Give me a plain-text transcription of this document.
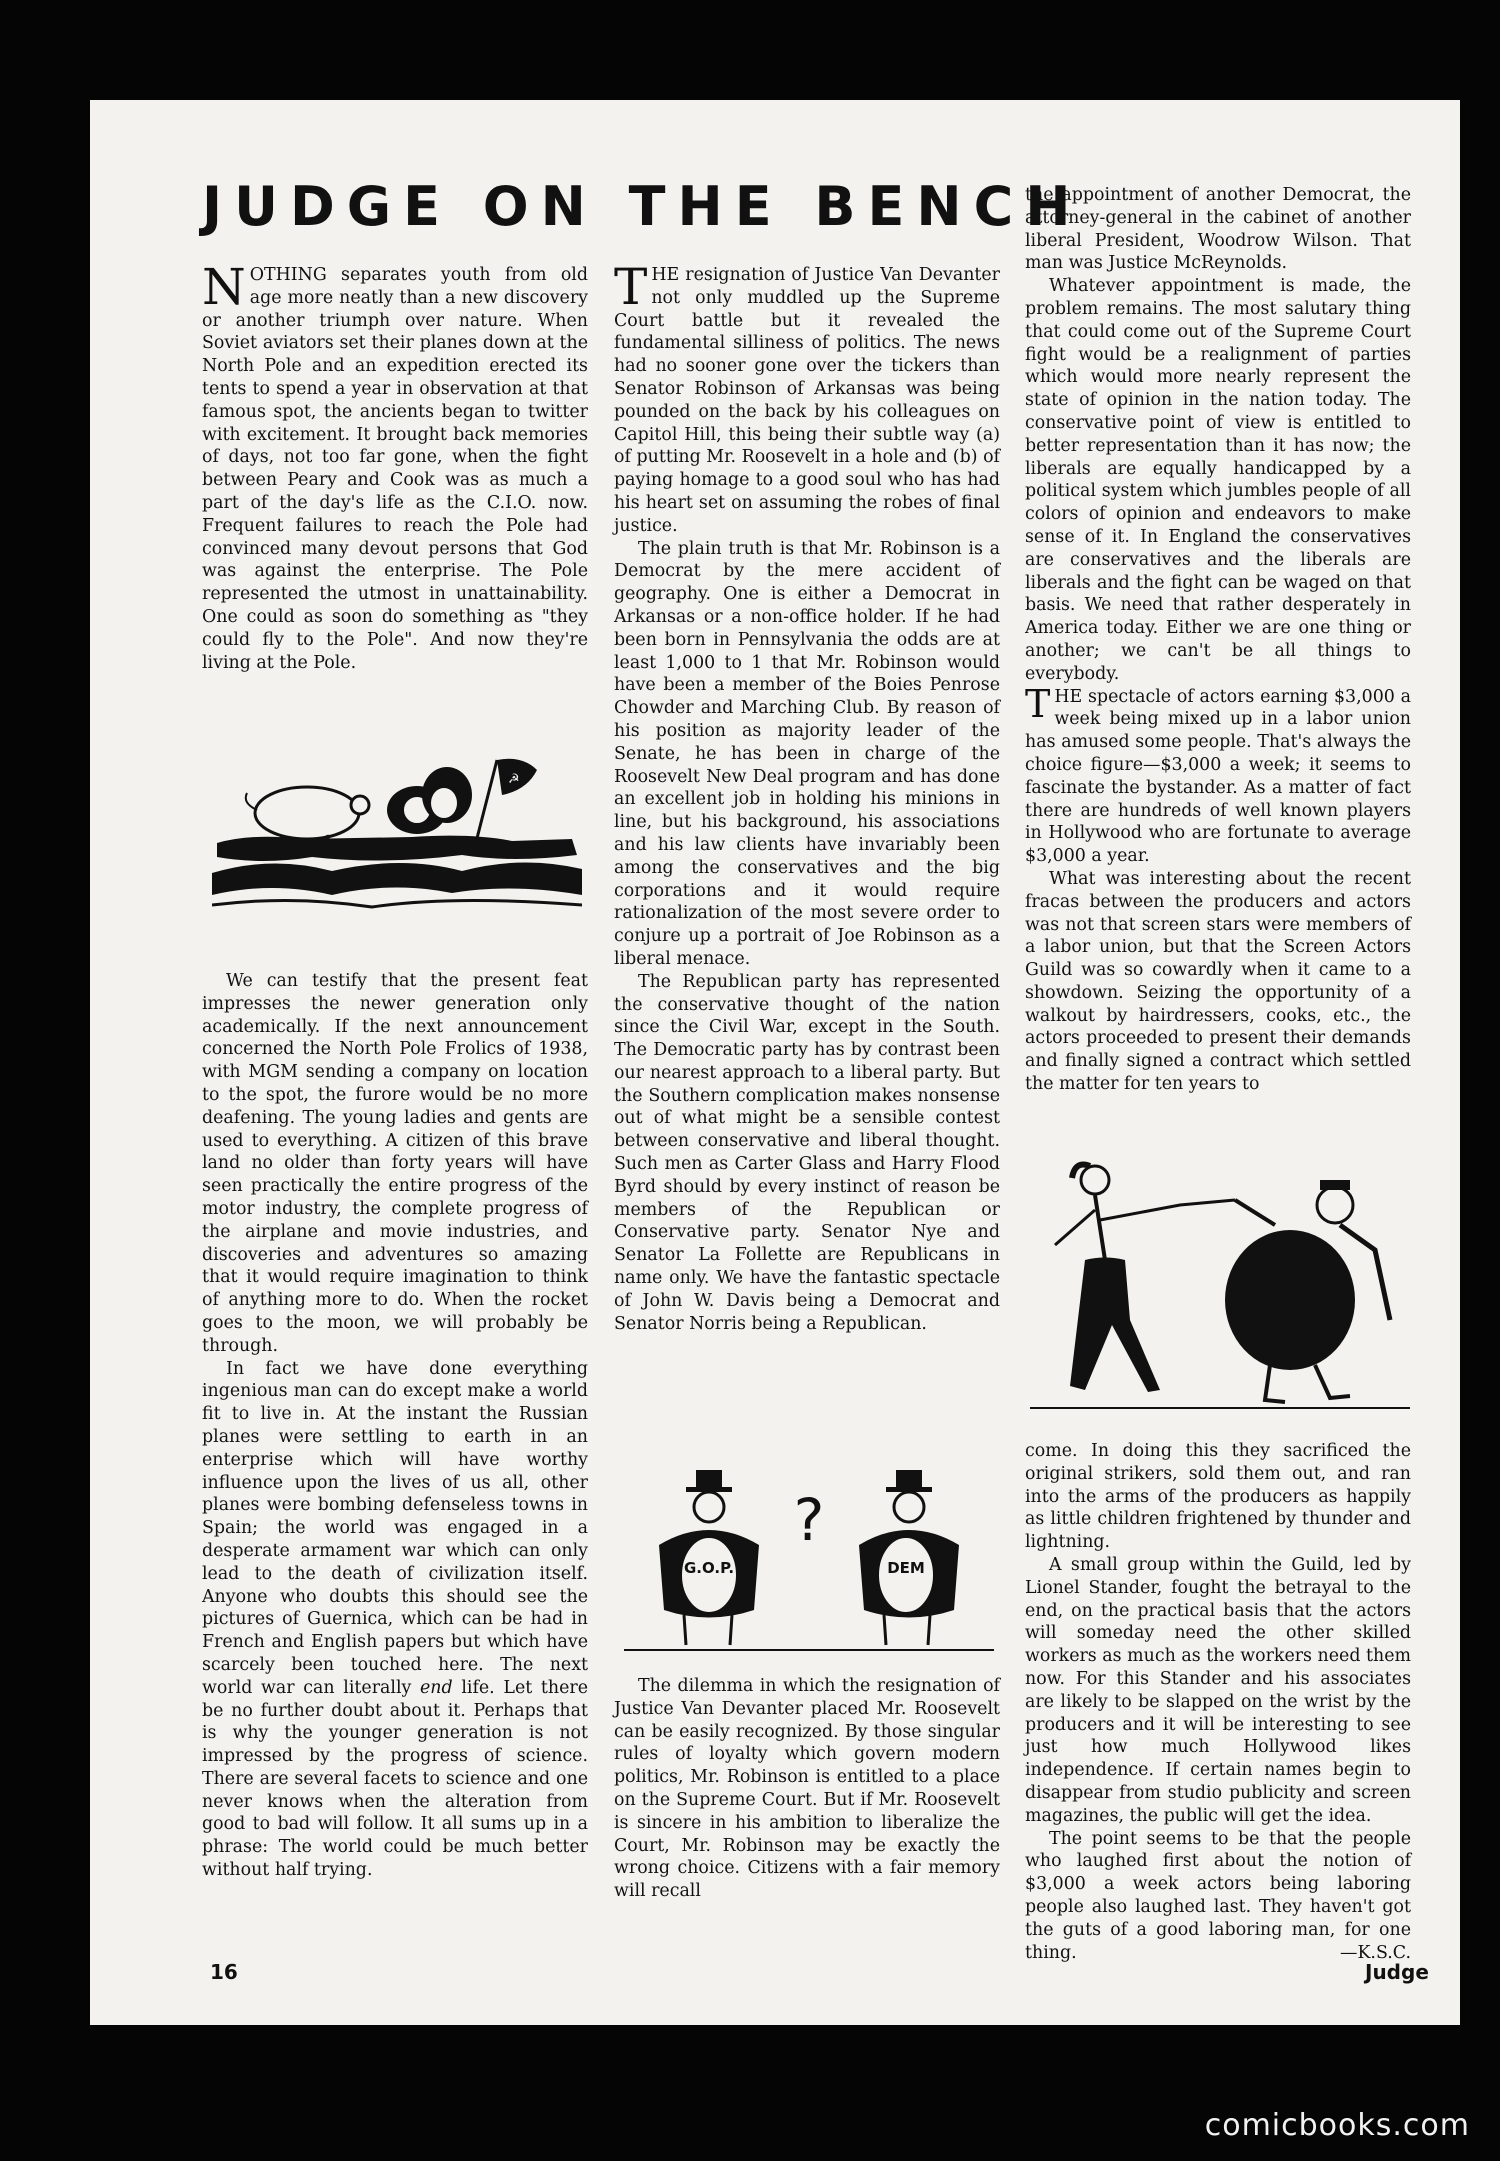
JUDGE ON THE BENCH

NOTHING separates youth from old age more neatly than a new discovery or another triumph over nature. When Soviet aviators set their planes down at the North Pole and an expedition erected its tents to spend a year in observation at that famous spot, the ancients began to twitter with excitement. It brought back memories of days, not too far gone, when the fight between Peary and Cook was as much a part of the day's life as the C.I.O. now. Frequent failures to reach the Pole had convinced many devout persons that God was against the enterprise. The Pole represented the utmost in unattainability. One could as soon do something as "they could fly to the Pole". And now they're living at the Pole.

☭

We can testify that the present feat impresses the newer generation only academically. If the next announcement concerned the North Pole Frolics of 1938, with MGM sending a company on location to the spot, the furore would be no more deafening. The young ladies and gents are used to everything. A citizen of this brave land no older than forty years will have seen practically the entire progress of the motor industry, the complete progress of the airplane and movie industries, and discoveries and adventures so amazing that it would require imagination to think of anything more to do. When the rocket goes to the moon, we will probably be through.

In fact we have done everything ingenious man can do except make a world fit to live in. At the instant the Russian planes were settling to earth in an enterprise which will have worthy influence upon the lives of us all, other planes were bombing defenseless towns in Spain; the world was engaged in a desperate armament war which can only lead to the death of civilization itself. Anyone who doubts this should see the pictures of Guernica, which can be had in French and English papers but which have scarcely been touched here. The next world war can literally end life. Let there be no further doubt about it. Perhaps that is why the younger generation is not impressed by the progress of science. There are several facets to science and one never knows when the alteration from good to bad will follow. It all sums up in a phrase: The world could be much better without half trying.

THE resignation of Justice Van Devanter not only muddled up the Supreme Court battle but it revealed the fundamental silliness of politics. The news had no sooner gone over the tickers than Senator Robinson of Arkansas was being pounded on the back by his colleagues on Capitol Hill, this being their subtle way (a) of putting Mr. Roosevelt in a hole and (b) of paying homage to a good soul who has had his heart set on assuming the robes of final justice.

The plain truth is that Mr. Robinson is a Democrat by the mere accident of geography. One is either a Democrat in Arkansas or a non-office holder. If he had been born in Pennsylvania the odds are at least 1,000 to 1 that Mr. Robinson would have been a member of the Boies Penrose Chowder and Marching Club. By reason of his position as majority leader of the Senate, he has been in charge of the Roosevelt New Deal program and has done an excellent job in holding his minions in line, but his background, his associations and his law clients have invariably been among the conservatives and the big corporations and it would require rationalization of the most severe order to conjure up a portrait of Joe Robinson as a liberal menace.

The Republican party has represented the conservative thought of the nation since the Civil War, except in the South. The Democratic party has by contrast been our nearest approach to a liberal party. But the Southern complication makes nonsense out of what might be a sensible contest between conservative and liberal thought. Such men as Carter Glass and Harry Flood Byrd should by every instinct of reason be members of the Republican or Conservative party. Senator Nye and Senator La Follette are Republicans in name only. We have the fantastic spectacle of John W. Davis being a Democrat and Senator Norris being a Republican.

G.O.P.
?
DEM

The dilemma in which the resignation of Justice Van Devanter placed Mr. Roosevelt can be easily recognized. By those singular rules of loyalty which govern modern politics, Mr. Robinson is entitled to a place on the Supreme Court. But if Mr. Roosevelt is sincere in his ambition to liberalize the Court, Mr. Robinson may be exactly the wrong choice. Citizens with a fair memory will recall

the appointment of another Democrat, the attorney-general in the cabinet of another liberal President, Woodrow Wilson. That man was Justice McReynolds.

Whatever appointment is made, the problem remains. The most salutary thing that could come out of the Supreme Court fight would be a realignment of parties which would more nearly represent the state of opinion in the nation today. The conservative point of view is entitled to better representation than it has now; the liberals are equally handicapped by a political system which jumbles people of all colors of opinion and endeavors to make sense of it. In England the conservatives are conservatives and the liberals are liberals and the fight can be waged on that basis. We need that rather desperately in America today. Either we are one thing or another; we can't be all things to everybody.

THE spectacle of actors earning $3,000 a week being mixed up in a labor union has amused some people. That's always the choice figure—$3,000 a week; it seems to fascinate the bystander. As a matter of fact there are hundreds of well known players in Hollywood who are fortunate to average $3,000 a year.

What was interesting about the recent fracas between the producers and actors was not that screen stars were members of a labor union, but that the Screen Actors Guild was so cowardly when it came to a showdown. Seizing the opportunity of a walkout by hairdressers, cooks, etc., the actors proceeded to present their demands and finally signed a contract which settled the matter for ten years to

come. In doing this they sacrificed the original strikers, sold them out, and ran into the arms of the producers as happily as little children frightened by thunder and lightning.

A small group within the Guild, led by Lionel Stander, fought the betrayal to the end, on the practical basis that the actors will someday need the other skilled workers as much as the workers need them now. For this Stander and his associates are likely to be slapped on the wrist by the producers and it will be interesting to see just how much Hollywood likes independence. If certain names begin to disappear from studio publicity and screen magazines, the public will get the idea.

The point seems to be that the people who laughed first about the notion of $3,000 a week actors being laboring people also laughed last. They haven't got the guts of a good laboring man, for one thing.	—K.S.C.

16	Judge
comicbooks.com
